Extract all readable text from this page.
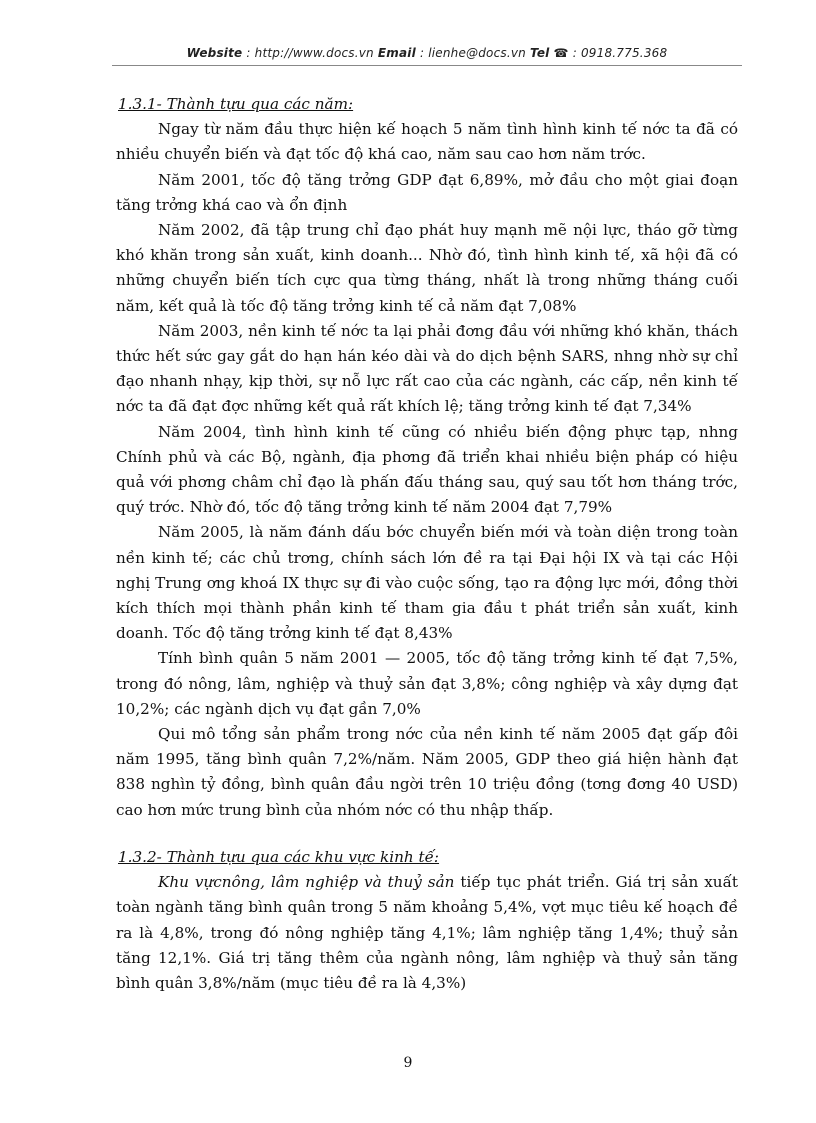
Website : http://www.docs.vn Email : lienhe@docs.vn Tel ☎ : 0918.775.368

1.3.1- Thành tựu qua các năm:

Ngay từ năm đầu thực hiện kế hoạch 5 năm tình hình kinh tế nớc ta đã có nhiều chuyển biến và đạt tốc độ khá cao, năm sau cao hơn năm trớc.

Năm 2001, tốc độ tăng trởng GDP đạt 6,89%, mở đầu cho một giai đoạn tăng trởng khá cao và ổn định

Năm 2002, đã tập trung chỉ đạo phát huy mạnh mẽ nội lực, tháo gỡ từng khó khăn trong sản xuất, kinh doanh... Nhờ đó, tình hình kinh tế, xã hội đã có những chuyển biến tích cực qua từng tháng, nhất là trong những tháng cuối năm, kết quả là tốc độ tăng trởng kinh tế cả năm đạt 7,08%

Năm 2003, nền kinh tế nớc ta lại phải đơng đầu với những khó khăn, thách thức hết sức gay gắt do hạn hán kéo dài và do dịch bệnh SARS, nhng nhờ sự chỉ đạo nhanh nhạy, kịp thời, sự nỗ lực rất cao của các ngành, các cấp, nền kinh tế nớc ta đã đạt đợc những kết quả rất khích lệ; tăng trởng kinh tế đạt 7,34%

Năm 2004, tình hình kinh tế cũng có nhiều biến động phực tạp, nhng Chính phủ và các Bộ, ngành, địa phơng đã triển khai nhiều biện pháp có hiệu quả với phơng châm chỉ đạo là phấn đấu tháng sau, quý sau tốt hơn tháng trớc, quý trớc. Nhờ đó, tốc độ tăng trởng kinh tế năm 2004 đạt 7,79%

Năm 2005, là năm đánh dấu bớc chuyển biến mới và toàn diện trong toàn nền kinh tế; các chủ trơng, chính sách lớn đề ra tại Đại hội IX và tại các Hội nghị Trung ơng khoá IX thực sự đi vào cuộc sống, tạo ra động lực mới, đồng thời kích thích mọi thành phần kinh tế tham gia đầu t phát triển sản xuất, kinh doanh. Tốc độ tăng trởng kinh tế đạt 8,43%

Tính bình quân 5 năm 2001 — 2005, tốc độ tăng trởng kinh tế đạt 7,5%, trong đó nông, lâm, nghiệp và thuỷ sản đạt 3,8%; công nghiệp và xây dựng đạt 10,2%; các ngành dịch vụ đạt gần 7,0%

Qui mô tổng sản phẩm trong nớc của nền kinh tế năm 2005 đạt gấp đôi năm 1995, tăng bình quân 7,2%/năm. Năm 2005, GDP theo giá hiện hành đạt 838 nghìn tỷ đồng, bình quân đầu ngời trên 10 triệu đồng (tơng đơng 40 USD) cao hơn mức trung bình của nhóm nớc có thu nhập thấp.

1.3.2- Thành tựu qua các khu vực kinh tế:

Khu vựcnông, lâm nghiệp và thuỷ sản tiếp tục phát triển. Giá trị sản xuất toàn ngành tăng bình quân trong 5 năm khoảng 5,4%, vợt mục tiêu kế hoạch đề ra là 4,8%, trong đó nông nghiệp tăng 4,1%; lâm nghiệp tăng 1,4%; thuỷ sản tăng 12,1%. Giá trị tăng thêm của ngành nông, lâm nghiệp và thuỷ sản tăng bình quân 3,8%/năm (mục tiêu đề ra là 4,3%)

9
